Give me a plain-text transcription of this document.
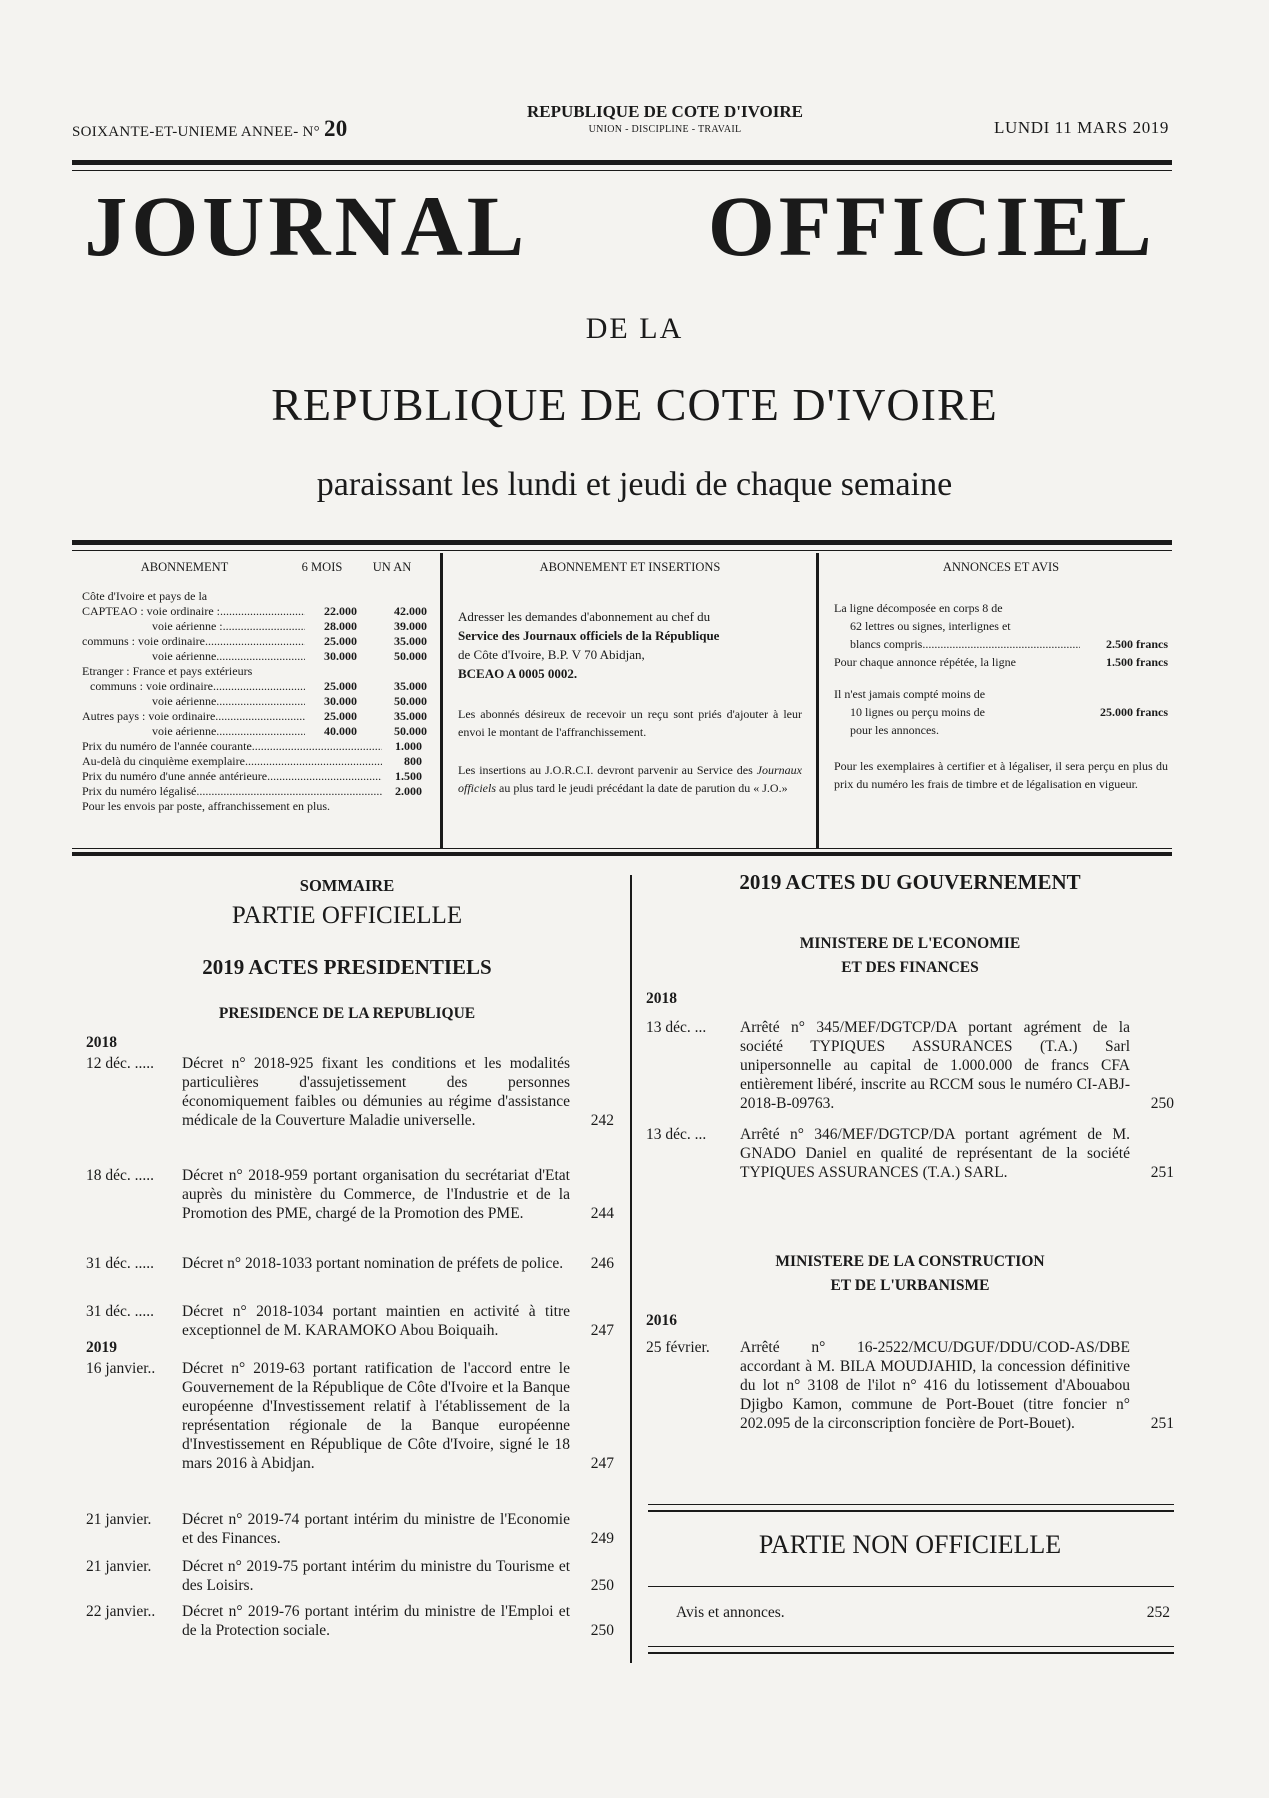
SOIXANTE-ET-UNIEME ANNEE- N° 20
REPUBLIQUE DE COTE D'IVOIRE
UNION - DISCIPLINE - TRAVAIL	LUNDI 11 MARS 2019
JOURNAL   OFFICIEL
DE LA
REPUBLIQUE DE COTE D'IVOIRE
paraissant les lundi et jeudi de chaque semaine
ABONNEMENT	6 MOIS	UN AN
Côte d'Ivoire et pays de la
CAPTEAO : voie ordinaire : .....	22.000	42.000
voie aérienne : .....	28.000	39.000
communs : voie ordinaire .....	25.000	35.000
voie aérienne .....	30.000	50.000
Etranger : France et pays extérieurs
communs : voie ordinaire .....	25.000	35.000
voie aérienne .....	30.000	50.000
Autres pays : voie ordinaire .....	25.000	35.000
voie aérienne .....	40.000	50.000
Prix du numéro de l'année courante .....	1.000
Au-delà du cinquième exemplaire .....	800
Prix du numéro d'une année antérieure .....	1.500
Prix du numéro légalisé .....	2.000
Pour les envois par poste, affranchissement en plus.
ABONNEMENT ET INSERTIONS
Adresser les demandes d'abonnement au chef du
Service des Journaux officiels de la République
de Côte d'Ivoire, B.P. V 70 Abidjan,
BCEAO A 0005 0002.
Les abonnés désireux de recevoir un reçu sont priés d'ajouter à leur envoi le montant de l'affranchissement.
Les insertions au J.O.R.C.I. devront parvenir au Service des Journaux officiels au plus tard le jeudi précédant la date de parution du « J.O.»
ANNONCES ET AVIS
La ligne décomposée en corps 8 de
62 lettres ou signes, interlignes et
blancs compris .....	2.500 francs
Pour chaque annonce répétée, la ligne	1.500 francs
Il n'est jamais compté moins de
10 lignes ou perçu moins de	25.000 francs
pour les annonces.
Pour les exemplaires à certifier et à légaliser, il sera perçu en plus du prix du numéro les frais de timbre et de légalisation en vigueur.
SOMMAIRE
PARTIE OFFICIELLE
2019 ACTES PRESIDENTIELS
PRESIDENCE DE LA REPUBLIQUE
2018
2019
12 déc. .....	Décret n° 2018-925 fixant les conditions et les modalités particulières d'assujetissement des personnes économiquement faibles ou démunies au régime d'assistance médicale de la Couverture Maladie universelle.	242
18 déc. .....	Décret n° 2018-959 portant organisation du secrétariat d'Etat auprès du ministère du Commerce, de l'Industrie et de la Promotion des PME, chargé de la Promotion des PME.	244
31 déc. .....	Décret n° 2018-1033 portant nomination de préfets de police.	246
31 déc. .....	Décret n° 2018-1034 portant maintien en activité à titre exceptionnel de M. KARAMOKO Abou Boiquaih.	247
16 janvier..	Décret n° 2019-63 portant ratification de l'accord entre le Gouvernement de la République de Côte d'Ivoire et la Banque européenne d'Investissement relatif à l'établissement de la représentation régionale de la Banque européenne d'Investissement en République de Côte d'Ivoire, signé le 18 mars 2016 à Abidjan.	247
21 janvier.	Décret n° 2019-74 portant intérim du ministre de l'Economie et des Finances.	249
21 janvier.	Décret n° 2019-75 portant intérim du ministre du Tourisme et des Loisirs.	250
22 janvier..	Décret n° 2019-76 portant intérim du ministre de l'Emploi et de la Protection sociale.	250
2019 ACTES DU GOUVERNEMENT
MINISTERE DE L'ECONOMIE
ET DES FINANCES
2018
MINISTERE DE LA CONSTRUCTION
ET DE L'URBANISME
2016
13 déc. ...	Arrêté n° 345/MEF/DGTCP/DA portant agrément de la société TYPIQUES ASSURANCES (T.A.) Sarl unipersonnelle au capital de 1.000.000 de francs CFA entièrement libéré, inscrite au RCCM sous le numéro CI-ABJ-2018-B-09763.	250
13 déc. ...	Arrêté n° 346/MEF/DGTCP/DA portant agrément de M. GNADO Daniel en qualité de représentant de la société TYPIQUES ASSURANCES (T.A.) SARL.	251
25 février.	Arrêté n° 16-2522/MCU/DGUF/DDU/COD-AS/DBE accordant à M. BILA MOUDJAHID, la concession définitive du lot n° 3108 de l'ilot n° 416 du lotissement d'Abouabou Djigbo Kamon, commune de Port-Bouet (titre foncier n° 202.095 de la circonscription foncière de Port-Bouet).	251
PARTIE NON OFFICIELLE
Avis et annonces.	252
